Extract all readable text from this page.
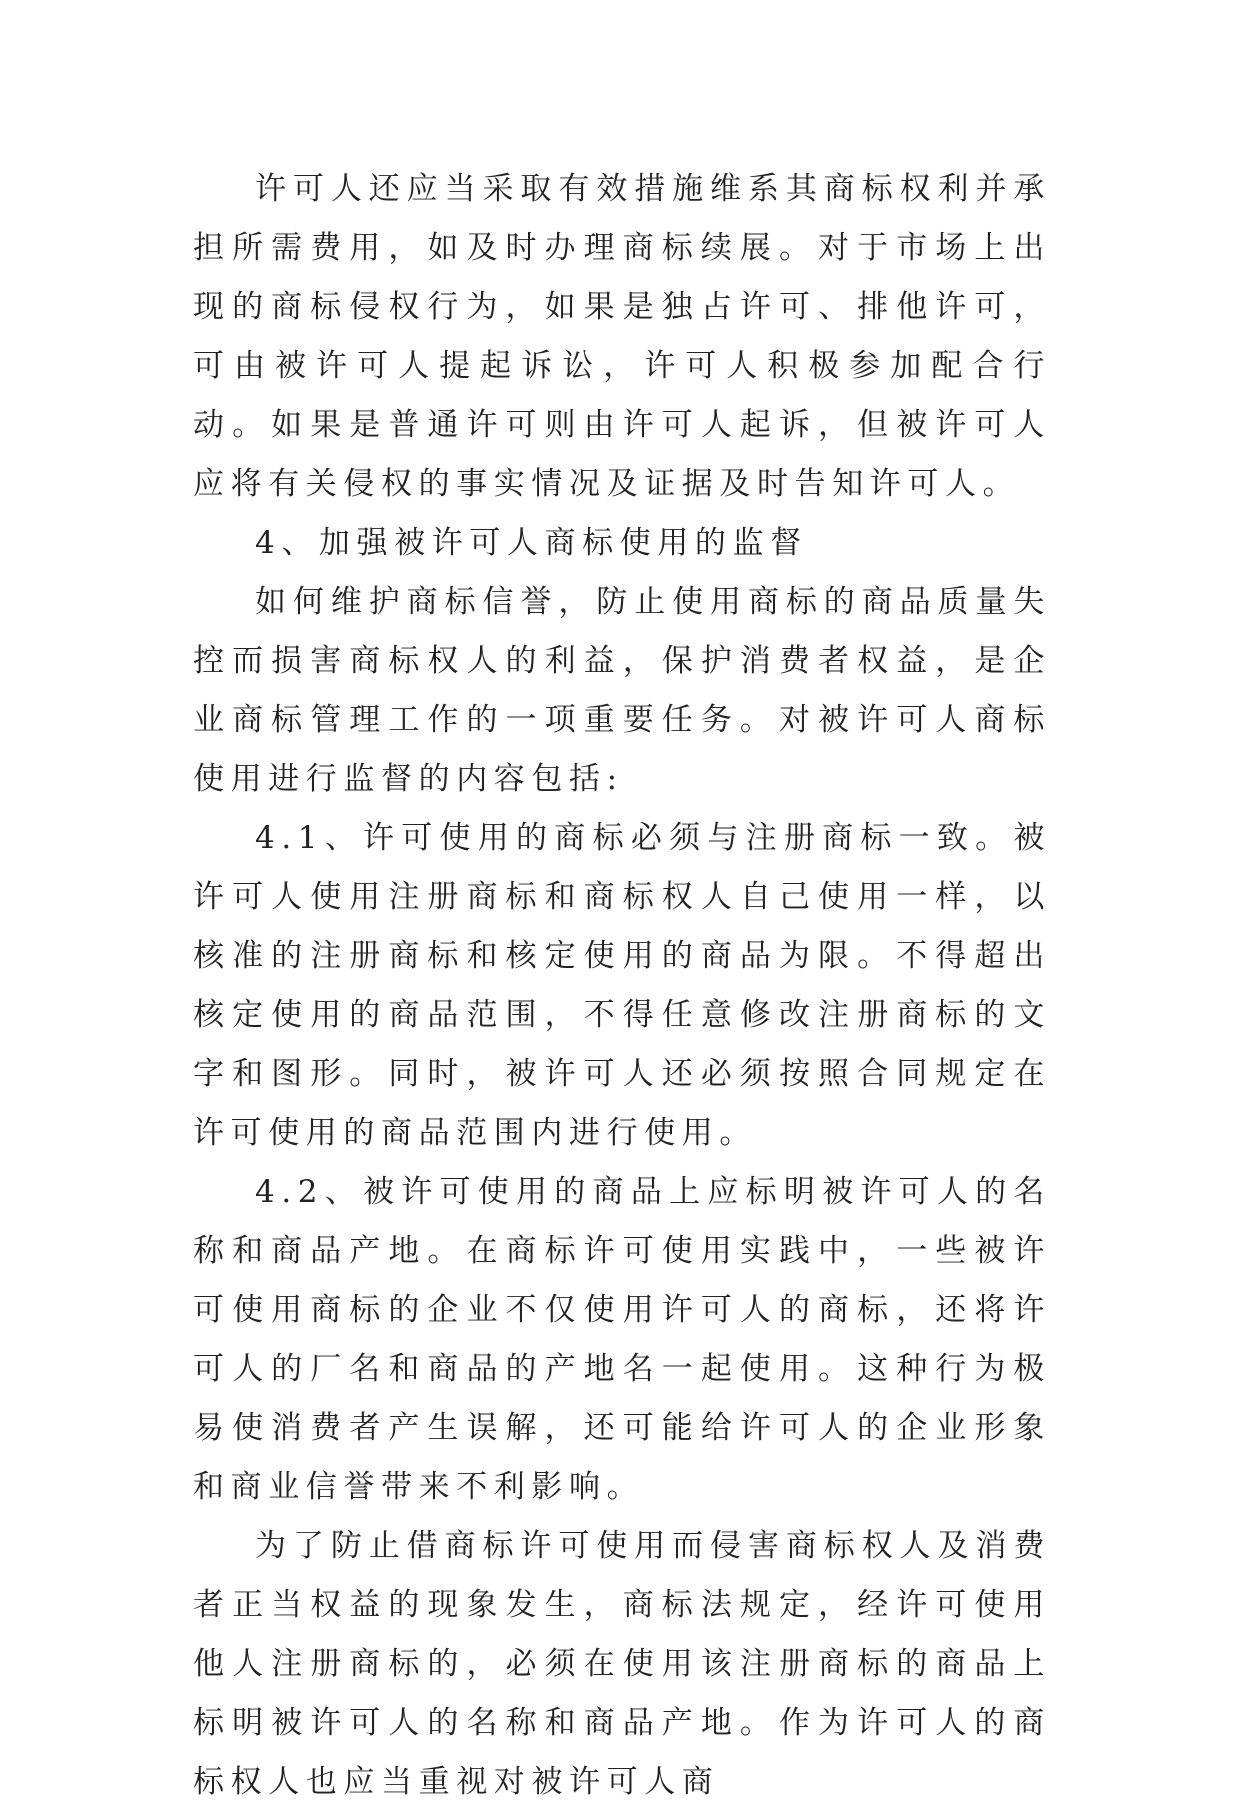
许可人还应当采取有效措施维系其商标权利并承担所需费用，如及时办理商标续展。对于市场上出现的商标侵权行为，如果是独占许可、排他许可，可由被许可人提起诉讼，许可人积极参加配合行动。如果是普通许可则由许可人起诉，但被许可人应将有关侵权的事实情况及证据及时告知许可人。

4、加强被许可人商标使用的监督

如何维护商标信誉，防止使用商标的商品质量失控而损害商标权人的利益，保护消费者权益，是企业商标管理工作的一项重要任务。对被许可人商标使用进行监督的内容包括:

4.1、许可使用的商标必须与注册商标一致。被许可人使用注册商标和商标权人自己使用一样，以核准的注册商标和核定使用的商品为限。不得超出核定使用的商品范围，不得任意修改注册商标的文字和图形。同时，被许可人还必须按照合同规定在许可使用的商品范围内进行使用。

4.2、被许可使用的商品上应标明被许可人的名称和商品产地。在商标许可使用实践中，一些被许可使用商标的企业不仅使用许可人的商标，还将许可人的厂名和商品的产地名一起使用。这种行为极易使消费者产生误解，还可能给许可人的企业形象和商业信誉带来不利影响。

为了防止借商标许可使用而侵害商标权人及消费者正当权益的现象发生，商标法规定，经许可使用他人注册商标的，必须在使用该注册商标的商品上标明被许可人的名称和商品产地。作为许可人的商标权人也应当重视对被许可人商
